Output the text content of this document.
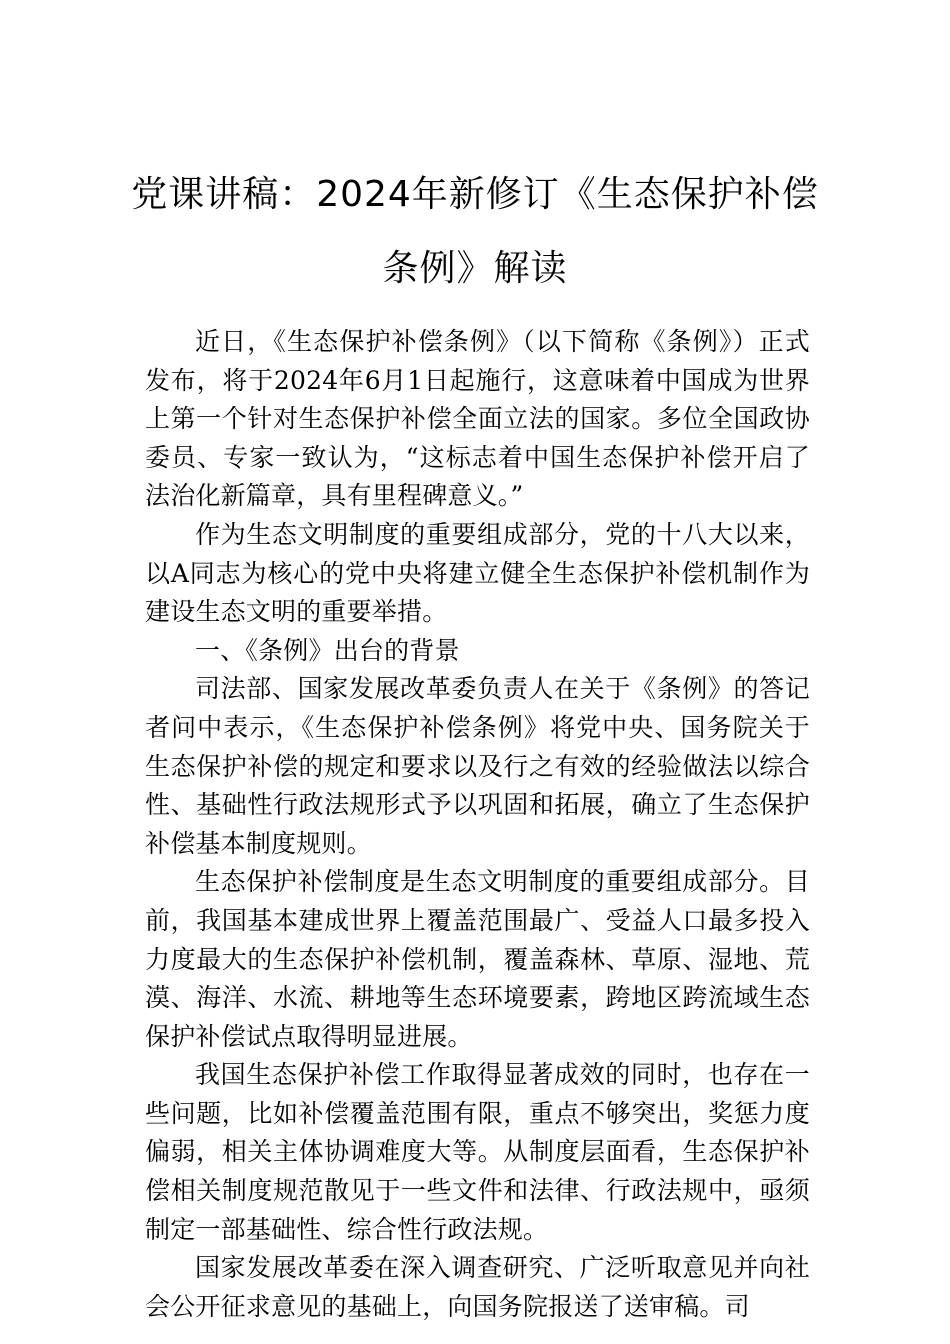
党课讲稿：2024年新修订《生态保护补偿
条例》解读

近日，《生态保护补偿条例》（以下简称《条例》）正式发布，将于2024年6月1日起施行，这意味着中国成为世界上第一个针对生态保护补偿全面立法的国家。多位全国政协委员、专家一致认为，“这标志着中国生态保护补偿开启了法治化新篇章，具有里程碑意义。”

作为生态文明制度的重要组成部分，党的十八大以来，以A同志为核心的党中央将建立健全生态保护补偿机制作为建设生态文明的重要举措。

一、《条例》出台的背景

司法部、国家发展改革委负责人在关于《条例》的答记者问中表示，《生态保护补偿条例》将党中央、国务院关于生态保护补偿的规定和要求以及行之有效的经验做法以综合性、基础性行政法规形式予以巩固和拓展，确立了生态保护补偿基本制度规则。

生态保护补偿制度是生态文明制度的重要组成部分。目前，我国基本建成世界上覆盖范围最广、受益人口最多投入力度最大的生态保护补偿机制，覆盖森林、草原、湿地、荒漠、海洋、水流、耕地等生态环境要素，跨地区跨流域生态保护补偿试点取得明显进展。

我国生态保护补偿工作取得显著成效的同时，也存在一些问题，比如补偿覆盖范围有限，重点不够突出，奖惩力度偏弱，相关主体协调难度大等。从制度层面看，生态保护补偿相关制度规范散见于一些文件和法律、行政法规中，亟须制定一部基础性、综合性行政法规。

国家发展改革委在深入调查研究、广泛听取意见并向社会公开征求意见的基础上，向国务院报送了送审稿。司
